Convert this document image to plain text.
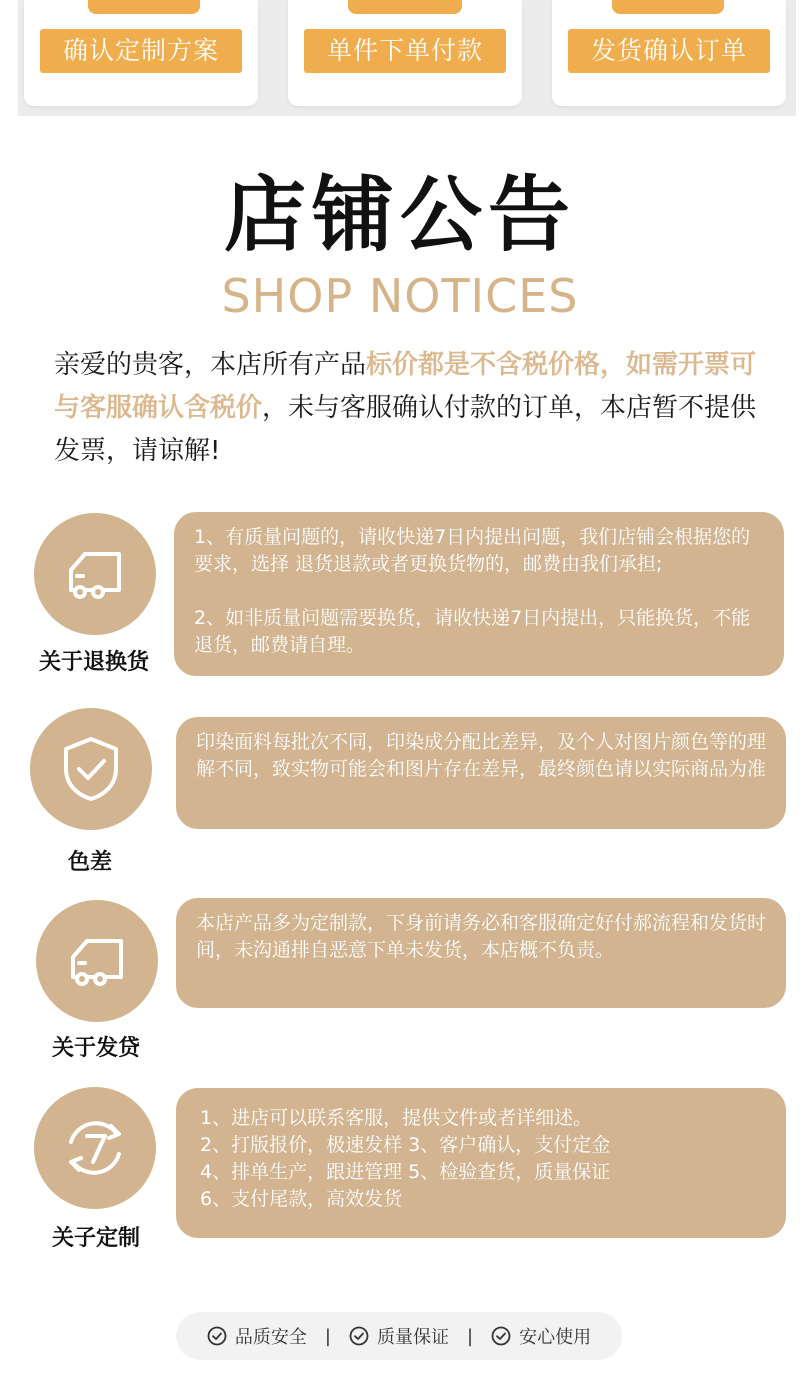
确认定制方案	单件下单付款	发货确认订单
店铺公告
SHOP NOTICES
亲爱的贵客，本店所有产品标价都是不含税价格，如需开票可与客服确认含税价，未与客服确认付款的订单，本店暂不提供发票，请谅解!
关于退换货

1、有质量问题的，请收快递7日内提出问题，我们店铺会根据您的要求，选择 退货退款或者更换货物的，邮费由我们承担;

2、如非质量问题需要换货，请收快递7日内提出，只能换货，不能退货，邮费请自理。

色差

印染面料每批次不同，印染成分配比差异，及个人对图片颜色等的理解不同，致实物可能会和图片存在差异，最终颜色请以实际商品为准

关于发贷

本店产品多为定制款，下身前请务必和客服确定好付郝流程和发货时间，未沟通排自恶意下单未发货，本店概不负责。

关子定制

1、进店可以联系客服，提供文件或者详细述。
2、打版报价，极速发样 3、客户确认，支付定金
4、排单生产，跟进管理 5、检验查货，质量保证
6、支付尾款，高效发货

品质安全 |	质量保证 |	安心使用
